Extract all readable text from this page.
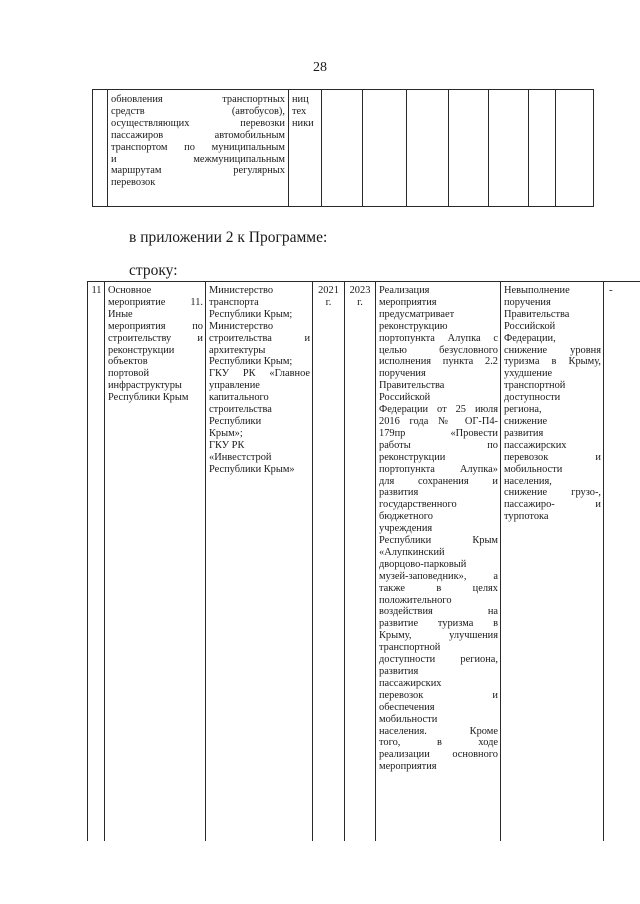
28
обновления транспортных
средств (автобусов),
осуществляющих перевозки
пассажиров автомобильным
транспортом по муниципальным
и межмуниципальным
маршрутам регулярных
перевозок
ниц
тех
ники
в приложении 2 к Программе:
строку:
11 Основное
мероприятие 11.
Иные
мероприятия по
строительству и
реконструкции
объектов
портовой
инфраструктуры
Республики Крым
Министерство
транспорта
Республики Крым;
Министерство
строительства и
архитектуры
Республики Крым;
ГКУ РК «Главное
управление
капитального
строительства
Республики
Крым»;
ГКУ РК
«Инвестстрой
Республики Крым»
2021
г.
2023
г.
Реализация
мероприятия
предусматривает
реконструкцию
портопункта Алупка с
целью безусловного
исполнения пункта 2.2
поручения
Правительства
Российской
Федерации от 25 июля
2016 года № ОГ-П4-
179пр «Провести
работы по
реконструкции
портопункта Алупка»
для сохранения и
развития
государственного
бюджетного
учреждения
Республики Крым
«Алупкинский
дворцово-парковый
музей-заповедник», а
также в целях
положительного
воздействия на
развитие туризма в
Крыму, улучшения
транспортной
доступности региона,
развития
пассажирских
перевозок и
обеспечения
мобильности
населения. Кроме
того, в ходе
реализации основного
мероприятия
Невыполнение
поручения
Правительства
Российской
Федерации,
снижение уровня
туризма в Крыму,
ухудшение
транспортной
доступности
региона,
снижение
развития
пассажирских
перевозок и
мобильности
населения,
снижение грузо-,
пассажиро- и
турпотока
-
